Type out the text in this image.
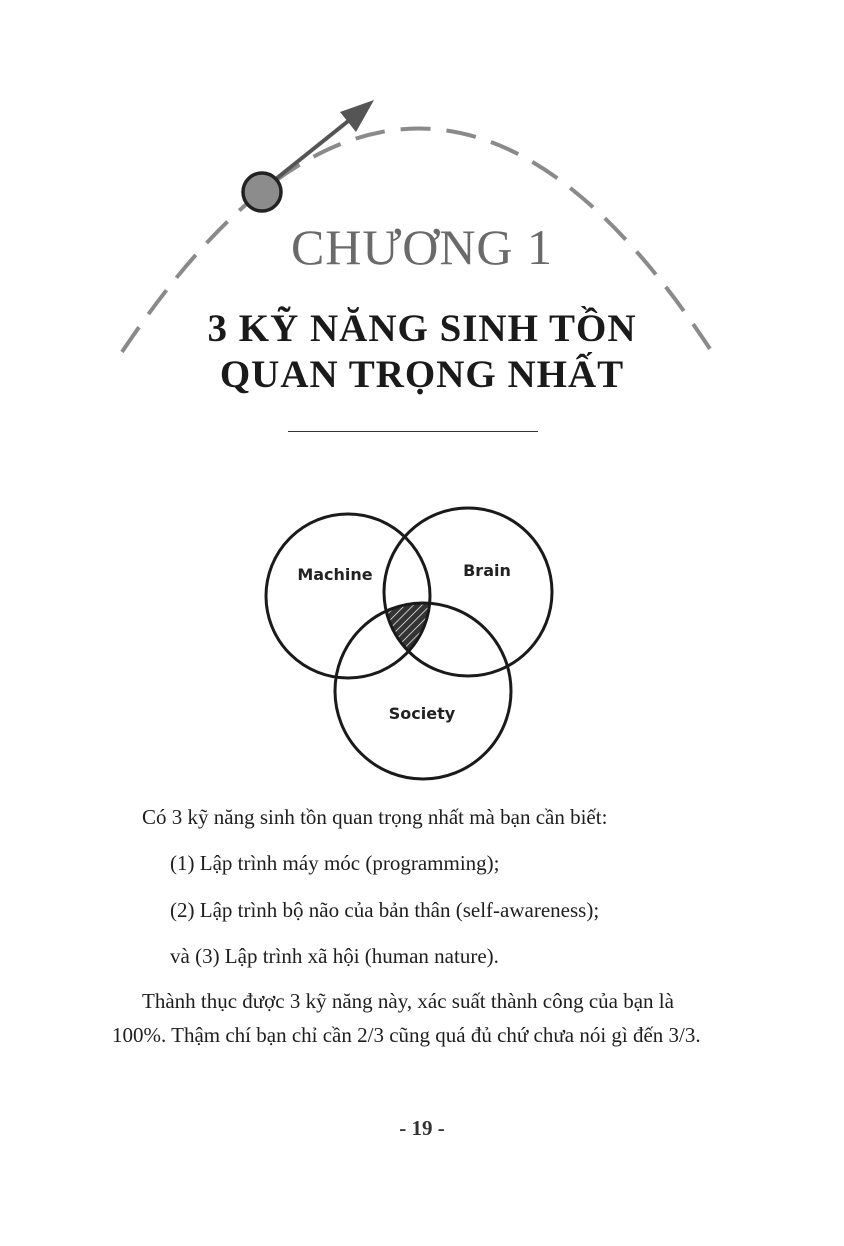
CHƯƠNG 1
3 KỸ NĂNG SINH TỒN
QUAN TRỌNG NHẤT
Machine	Brain
Society
Có 3 kỹ năng sinh tồn quan trọng nhất mà bạn cần biết:
(1) Lập trình máy móc (programming);
(2) Lập trình bộ não của bản thân (self-awareness);
và (3) Lập trình xã hội (human nature).
Thành thục được 3 kỹ năng này, xác suất thành công của bạn là 100%. Thậm chí bạn chỉ cần 2/3 cũng quá đủ chứ chưa nói gì đến 3/3.
- 19 -
